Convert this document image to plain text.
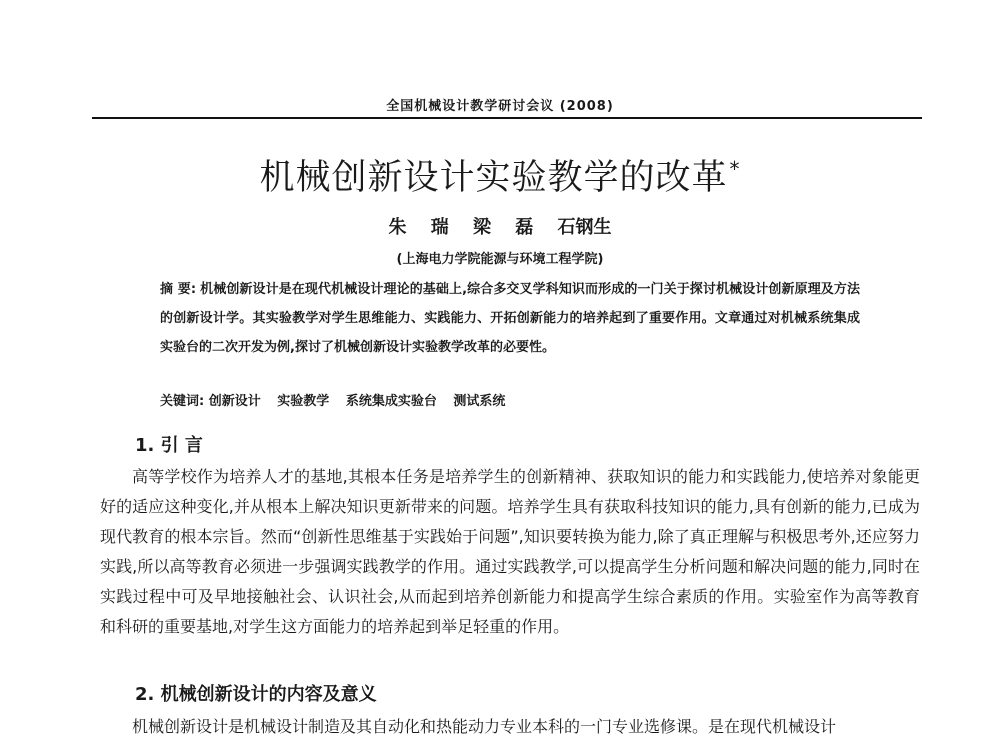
全国机械设计教学研讨会议 (2008)
机械创新设计实验教学的改革 *
朱 瑞 梁 磊 石钢生
(上海电力学院能源与环境工程学院)
摘 要: 机械创新设计是在现代机械设计理论的基础上,综合多交叉学科知识而形成的一门关于探讨机械设计创新原理及方法的创新设计学。其实验教学对学生思维能力、实践能力、开拓创新能力的培养起到了重要作用。文章通过对机械系统集成实验台的二次开发为例,探讨了机械创新设计实验教学改革的必要性。
关键词: 创新设计 实验教学 系统集成实验台 测试系统
1. 引 言
高等学校作为培养人才的基地,其根本任务是培养学生的创新精神、获取知识的能力和实践能力,使培养对象能更好的适应这种变化,并从根本上解决知识更新带来的问题。培养学生具有获取科技知识的能力,具有创新的能力,已成为现代教育的根本宗旨。然而“创新性思维基于实践始于问题”,知识要转换为能力,除了真正理解与积极思考外,还应努力实践,所以高等教育必须进一步强调实践教学的作用。通过实践教学,可以提高学生分析问题和解决问题的能力,同时在实践过程中可及早地接触社会、认识社会,从而起到培养创新能力和提高学生综合素质的作用。实验室作为高等教育和科研的重要基地,对学生这方面能力的培养起到举足轻重的作用。
2. 机械创新设计的内容及意义
机械创新设计是机械设计制造及其自动化和热能动力专业本科的一门专业选修课。是在现代机械设计
